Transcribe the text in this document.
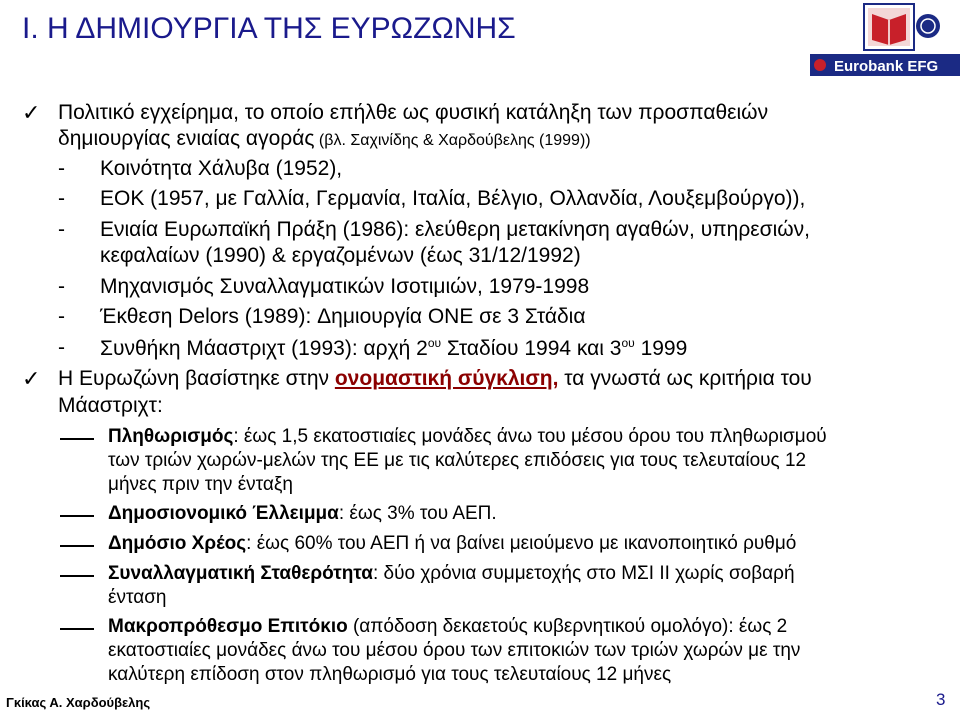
I. Η ΔΗΜΙΟΥΡΓΙΑ ΤΗΣ ΕΥΡΩΖΩΝΗΣ
Eurobank EFG
✓ Πολιτικό εγχείρημα, το οποίο επήλθε ως φυσική κατάληξη των προσπαθειών
δημιουργίας ενιαίας αγοράς (βλ. Σαχινίδης & Χαρδούβελης (1999))
- Κοινότητα Χάλυβα (1952),
- ΕΟΚ (1957, με Γαλλία, Γερμανία, Ιταλία, Βέλγιο, Ολλανδία, Λουξεμβούργο)),
- Ενιαία Ευρωπαϊκή Πράξη (1986): ελεύθερη μετακίνηση αγαθών, υπηρεσιών,
κεφαλαίων (1990) & εργαζομένων (έως 31/12/1992)
- Μηχανισμός Συναλλαγματικών Ισοτιμιών, 1979-1998
- Έκθεση Delors (1989): Δημιουργία ΟΝΕ σε 3 Στάδια
- Συνθήκη Μάαστριχτ (1993): αρχή $2^{o\upsilon}$ Σταδίου 1994 και $3^{o\upsilon}$ 1999
✓ Η Ευρωζώνη βασίστηκε στην ονομαστική σύγκλιση, τα γνωστά ως κριτήρια του
Μάαστριχτ:
Πληθωρισμός: έως 1,5 εκατοστιαίες μονάδες άνω του μέσου όρου του πληθωρισμού
των τριών χωρών-μελών της ΕΕ με τις καλύτερες επιδόσεις για τους τελευταίους 12
μήνες πριν την ένταξη
Δημοσιονομικό Έλλειμμα: έως 3% του ΑΕΠ.
Δημόσιο Χρέος: έως 60% του ΑΕΠ ή να βαίνει μειούμενο με ικανοποιητικό ρυθμό
Συναλλαγματική Σταθερότητα: δύο χρόνια συμμετοχής στο ΜΣΙ ΙΙ χωρίς σοβαρή
ένταση
Μακροπρόθεσμο Επιτόκιο (απόδοση δεκαετούς κυβερνητικού ομολόγο): έως 2
εκατοστιαίες μονάδες άνω του μέσου όρου των επιτοκιών των τριών χωρών με την
καλύτερη επίδοση στον πληθωρισμό για τους τελευταίους 12 μήνες
Γκίκας Α. Χαρδούβελης	3
